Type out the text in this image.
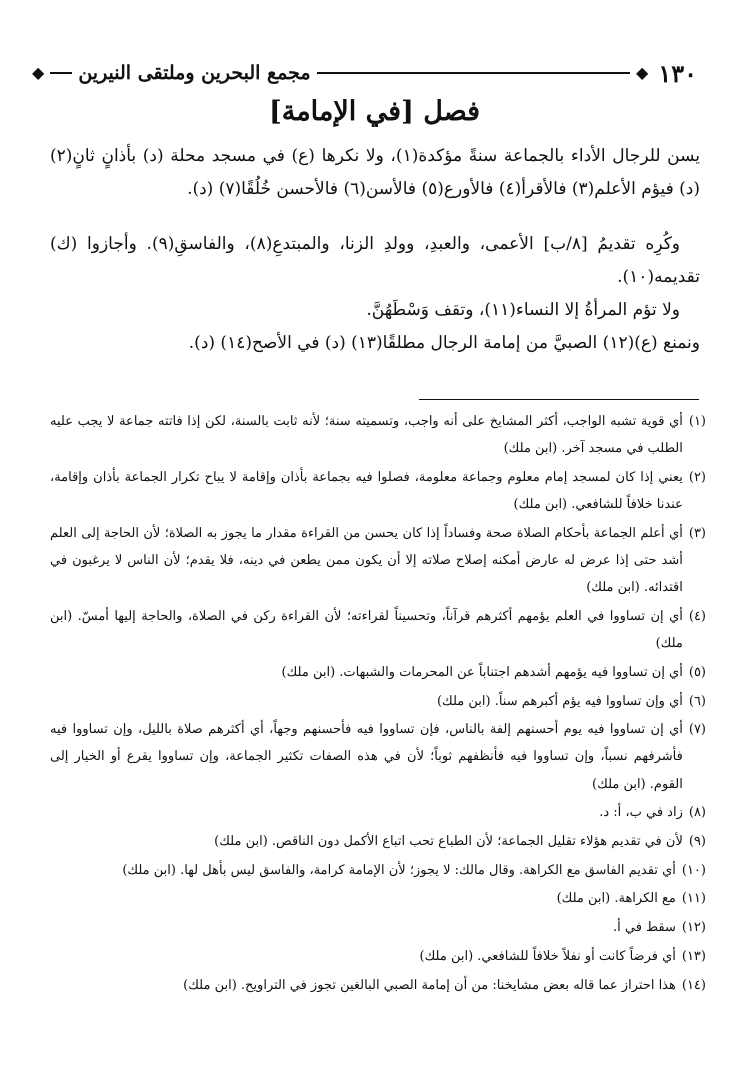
١٣٠
◆
مجمع البحرين وملتقى النيرين
◆
فصل [في الإمامة]

يسن للرجال الأداء بالجماعة سنةً مؤكدة(١)، ولا نكرها (ع) في مسجد محلة (د) بأذانٍ ثانٍ(٢) (د) فيؤم الأعلم(٣) فالأقرأ(٤) فالأورع(٥) فالأسن(٦) فالأحسن خُلُقًا(٧) (د).

وكُرِه تقديمُ [٨/ب] الأعمى، والعبدِ، وولدِ الزنا، والمبتدعِ(٨)، والفاسقِ(٩). وأجازوا (ك) تقديمه(١٠).

ولا تؤم المرأةُ إلا النساء(١١)، وتقف وَسْطَهُنَّ.

ونمنع (ع)(١٢) الصبيَّ من إمامة الرجال مطلقًا(١٣) (د) في الأصح(١٤) (د).

(١)
أي قوية تشبه الواجب، أكثر المشايخ على أنه واجب، وتسميته سنة؛ لأنه ثابت بالسنة، لكن إذا فاتته جماعة لا يجب عليه الطلب في مسجد آخر. (ابن ملك)
(٢)
يعني إذا كان لمسجد إمام معلوم وجماعة معلومة، فصلوا فيه بجماعة بأذان وإقامة لا يباح تكرار الجماعة بأذان وإقامة، عندنا خلافاً للشافعي. (ابن ملك)
(٣)
أي أعلم الجماعة بأحكام الصلاة صحة وفساداً إذا كان يحسن من القراءة مقدار ما يجوز به الصلاة؛ لأن الحاجة إلى العلم أشد حتى إذا عرض له عارض أمكنه إصلاح صلاته إلا أن يكون ممن يطعن في دينه، فلا يقدم؛ لأن الناس لا يرغبون في اقتدائه. (ابن ملك)
(٤)
أي إن تساووا في العلم يؤمهم أكثرهم قرآناً، وتحسيناً لقراءته؛ لأن القراءة ركن في الصلاة، والحاجة إليها أمسّ. (ابن ملك)
(٥)
أي إن تساووا فيه يؤمهم أشدهم اجتناباً عن المحرمات والشبهات. (ابن ملك)
(٦)
أي وإن تساووا فيه يؤم أكبرهم سناً. (ابن ملك)
(٧)
أي إن تساووا فيه يوم أحسنهم إلفة بالناس، فإن تساووا فيه فأحسنهم وجهاً، أي أكثرهم صلاة بالليل، وإن تساووا فيه فأشرفهم نسباً، وإن تساووا فيه فأنظفهم ثوباً؛ لأن في هذه الصفات تكثير الجماعة، وإن تساووا يقرع أو الخيار إلى القوم. (ابن ملك)
(٨)
زاد في ب، أ: د.
(٩)
لأن في تقديم هؤلاء تقليل الجماعة؛ لأن الطباع تحب اتباع الأكمل دون الناقص. (ابن ملك)
(١٠)
أي تقديم الفاسق مع الكراهة. وقال مالك: لا يجوز؛ لأن الإمامة كرامة، والفاسق ليس بأهل لها. (ابن ملك)
(١١)
مع الكراهة. (ابن ملك)
(١٢)
سقط في أ.
(١٣)
أي فرضاً كانت أو نفلاً خلافاً للشافعي. (ابن ملك)
(١٤)
هذا احتراز عما قاله بعض مشايخنا: من أن إمامة الصبي البالغين تجوز في التراويح. (ابن ملك)
